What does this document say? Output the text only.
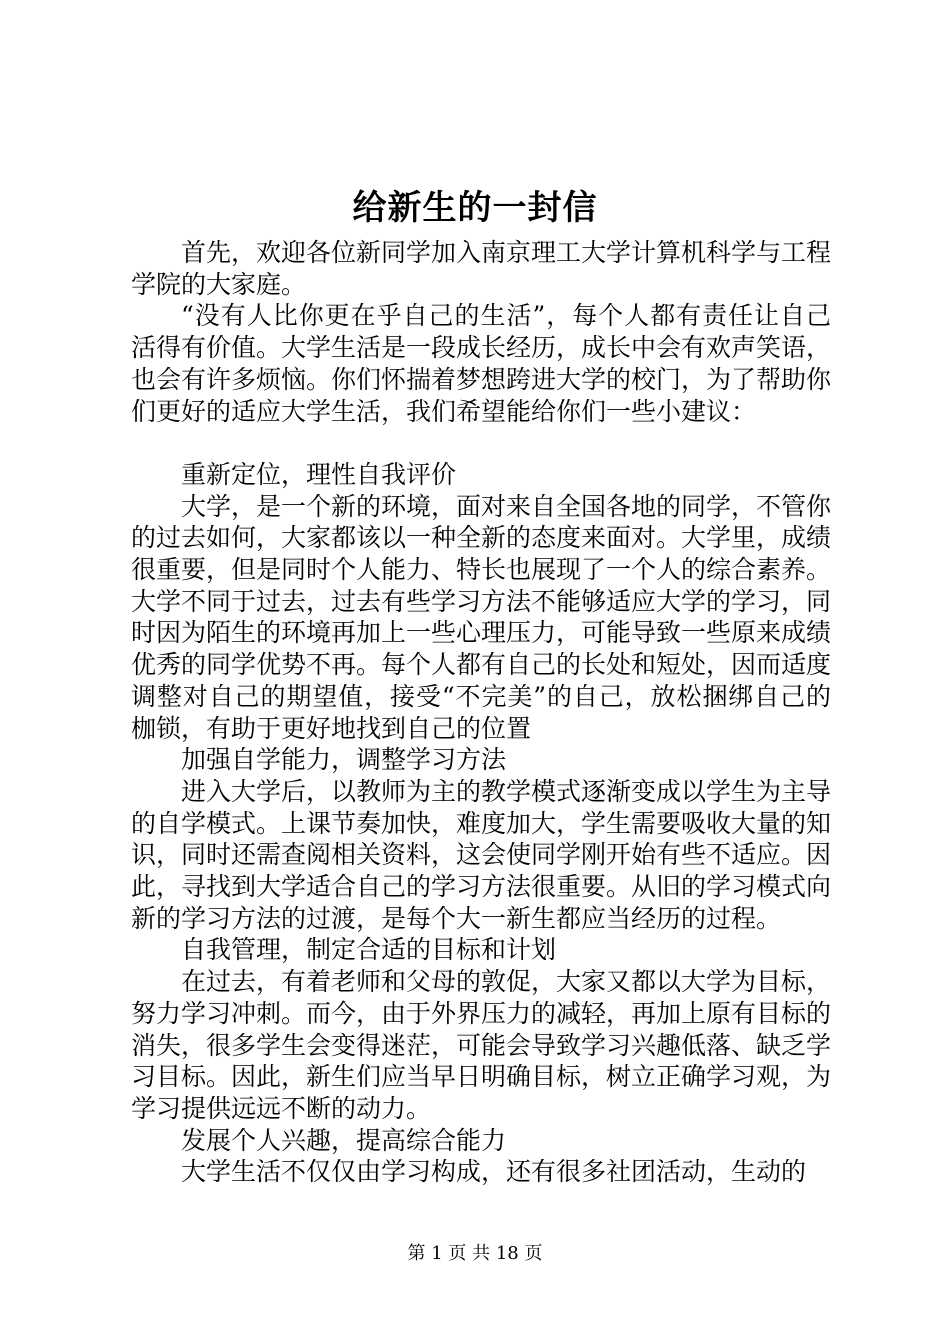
给新生的一封信

首先，欢迎各位新同学加入南京理工大学计算机科学与工程学院的大家庭。

“没有人比你更在乎自己的生活”，每个人都有责任让自己活得有价值。大学生活是一段成长经历，成长中会有欢声笑语，也会有许多烦恼。你们怀揣着梦想跨进大学的校门，为了帮助你们更好的适应大学生活，我们希望能给你们一些小建议：

重新定位，理性自我评价

大学，是一个新的环境，面对来自全国各地的同学，不管你的过去如何，大家都该以一种全新的态度来面对。大学里，成绩很重要，但是同时个人能力、特长也展现了一个人的综合素养。大学不同于过去，过去有些学习方法不能够适应大学的学习，同时因为陌生的环境再加上一些心理压力，可能导致一些原来成绩优秀的同学优势不再。每个人都有自己的长处和短处，因而适度调整对自己的期望值，接受“不完美”的自己，放松捆绑自己的枷锁，有助于更好地找到自己的位置

加强自学能力，调整学习方法

进入大学后，以教师为主的教学模式逐渐变成以学生为主导的自学模式。上课节奏加快，难度加大，学生需要吸收大量的知识，同时还需查阅相关资料，这会使同学刚开始有些不适应。因此，寻找到大学适合自己的学习方法很重要。从旧的学习模式向新的学习方法的过渡，是每个大一新生都应当经历的过程。

自我管理，制定合适的目标和计划

在过去，有着老师和父母的敦促，大家又都以大学为目标，努力学习冲刺。而今，由于外界压力的减轻，再加上原有目标的消失，很多学生会变得迷茫，可能会导致学习兴趣低落、缺乏学习目标。因此，新生们应当早日明确目标，树立正确学习观，为学习提供远远不断的动力。

发展个人兴趣，提高综合能力

大学生活不仅仅由学习构成，还有很多社团活动，生动的

第 1 页 共 18 页
